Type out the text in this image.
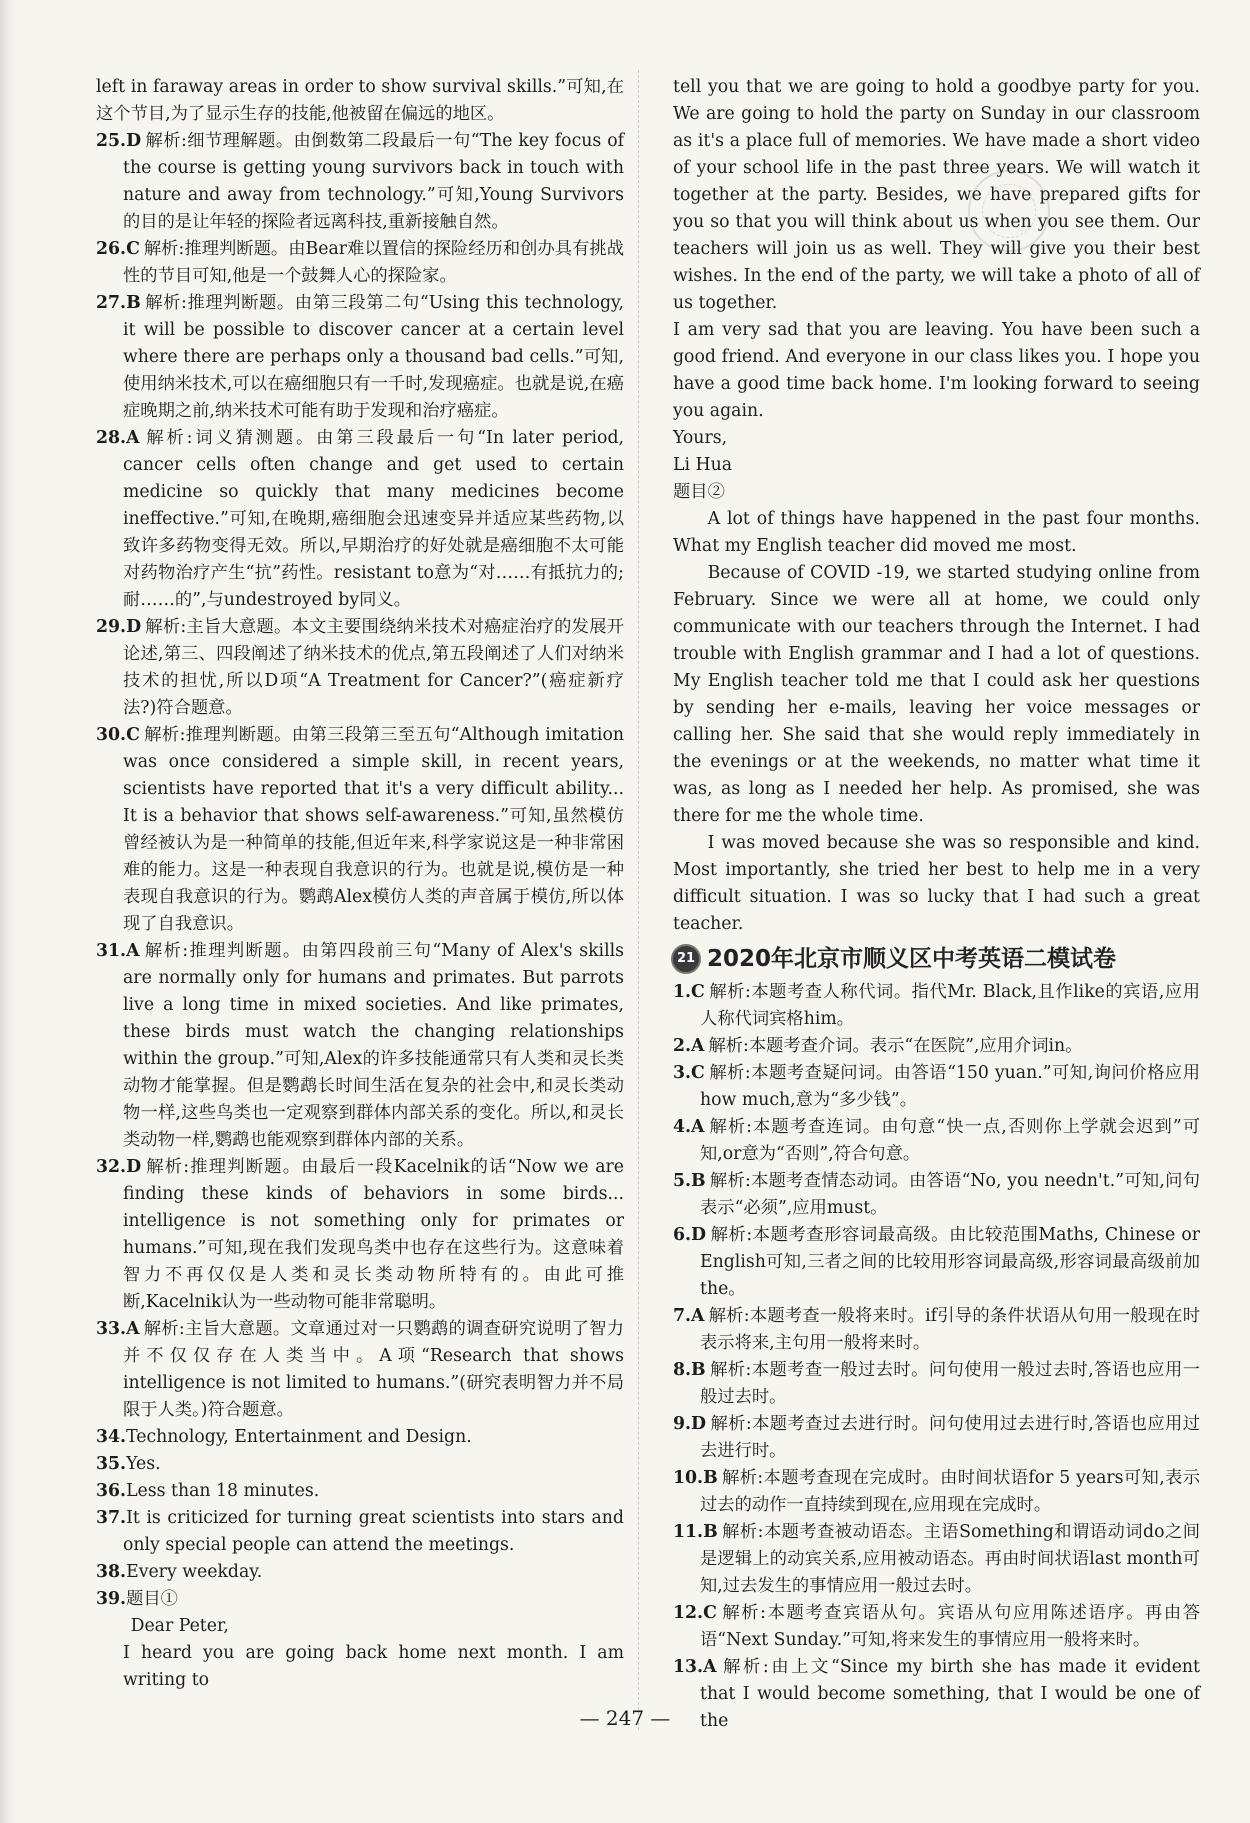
left in faraway areas in order to show survival skills.”可知,在这个节目,为了显示生存的技能,他被留在偏远的地区。
25.D 解析:细节理解题。由倒数第二段最后一句“The key focus of the course is getting young survivors back in touch with nature and away from technology.”可知,Young Survivors的目的是让年轻的探险者远离科技,重新接触自然。
26.C 解析:推理判断题。由Bear难以置信的探险经历和创办具有挑战性的节目可知,他是一个鼓舞人心的探险家。
27.B 解析:推理判断题。由第三段第二句“Using this technology, it will be possible to discover cancer at a certain level where there are perhaps only a thousand bad cells.”可知,使用纳米技术,可以在癌细胞只有一千时,发现癌症。也就是说,在癌症晚期之前,纳米技术可能有助于发现和治疗癌症。
28.A 解析:词义猜测题。由第三段最后一句“In later period, cancer cells often change and get used to certain medicine so quickly that many medicines become ineffective.”可知,在晚期,癌细胞会迅速变异并适应某些药物,以致许多药物变得无效。所以,早期治疗的好处就是癌细胞不太可能对药物治疗产生“抗”药性。resistant to意为“对……有抵抗力的;耐……的”,与undestroyed by同义。
29.D 解析:主旨大意题。本文主要围绕纳米技术对癌症治疗的发展开论述,第三、四段阐述了纳米技术的优点,第五段阐述了人们对纳米技术的担忧,所以D项“A Treatment for Cancer?”(癌症新疗法?)符合题意。
30.C 解析:推理判断题。由第三段第三至五句“Although imitation was once considered a simple skill, in recent years, scientists have reported that it's a very difficult ability... It is a behavior that shows self-awareness.”可知,虽然模仿曾经被认为是一种简单的技能,但近年来,科学家说这是一种非常困难的能力。这是一种表现自我意识的行为。也就是说,模仿是一种表现自我意识的行为。鹦鹉Alex模仿人类的声音属于模仿,所以体现了自我意识。
31.A 解析:推理判断题。由第四段前三句“Many of Alex's skills are normally only for humans and primates. But parrots live a long time in mixed societies. And like primates, these birds must watch the changing relationships within the group.”可知,Alex的许多技能通常只有人类和灵长类动物才能掌握。但是鹦鹉长时间生活在复杂的社会中,和灵长类动物一样,这些鸟类也一定观察到群体内部关系的变化。所以,和灵长类动物一样,鹦鹉也能观察到群体内部的关系。
32.D 解析:推理判断题。由最后一段Kacelnik的话“Now we are finding these kinds of behaviors in some birds... intelligence is not something only for primates or humans.”可知,现在我们发现鸟类中也存在这些行为。这意味着智力不再仅仅是人类和灵长类动物所特有的。由此可推断,Kacelnik认为一些动物可能非常聪明。
33.A 解析:主旨大意题。文章通过对一只鹦鹉的调查研究说明了智力并不仅仅存在人类当中。A项“Research that shows intelligence is not limited to humans.”(研究表明智力并不局限于人类。)符合题意。
34.Technology, Entertainment and Design.
35.Yes.
36.Less than 18 minutes.
37.It is criticized for turning great scientists into stars and only special people can attend the meetings.
38.Every weekday.
39.题目①
Dear Peter,
I heard you are going back home next month. I am writing to

tell you that we are going to hold a goodbye party for you. We are going to hold the party on Sunday in our classroom as it's a place full of memories. We have made a short video of your school life in the past three years. We will watch it together at the party. Besides, we have prepared gifts for you so that you will think about us when you see them. Our teachers will join us as well. They will give you their best wishes. In the end of the party, we will take a photo of all of us together.

I am very sad that you are leaving. You have been such a good friend. And everyone in our class likes you. I hope you have a good time back home. I'm looking forward to seeing you again.

Yours,

Li Hua

题目②

A lot of things have happened in the past four months. What my English teacher did moved me most.

Because of COVID -19, we started studying online from February. Since we were all at home, we could only communicate with our teachers through the Internet. I had trouble with English grammar and I had a lot of questions. My English teacher told me that I could ask her questions by sending her e-mails, leaving her voice messages or calling her. She said that she would reply immediately in the evenings or at the weekends, no matter what time it was, as long as I needed her help. As promised, she was there for me the whole time.

I was moved because she was so responsible and kind. Most importantly, she tried her best to help me in a very difficult situation. I was so lucky that I had such a great teacher.

21 2020年北京市顺义区中考英语二模试卷
1.C 解析:本题考查人称代词。指代Mr. Black,且作like的宾语,应用人称代词宾格him。
2.A 解析:本题考查介词。表示“在医院”,应用介词in。
3.C 解析:本题考查疑问词。由答语“150 yuan.”可知,询问价格应用how much,意为“多少钱”。
4.A 解析:本题考查连词。由句意“快一点,否则你上学就会迟到”可知,or意为“否则”,符合句意。
5.B 解析:本题考查情态动词。由答语“No, you needn't.”可知,问句表示“必须”,应用must。
6.D 解析:本题考查形容词最高级。由比较范围Maths, Chinese or English可知,三者之间的比较用形容词最高级,形容词最高级前加the。
7.A 解析:本题考查一般将来时。if引导的条件状语从句用一般现在时表示将来,主句用一般将来时。
8.B 解析:本题考查一般过去时。问句使用一般过去时,答语也应用一般过去时。
9.D 解析:本题考查过去进行时。问句使用过去进行时,答语也应用过去进行时。
10.B 解析:本题考查现在完成时。由时间状语for 5 years可知,表示过去的动作一直持续到现在,应用现在完成时。
11.B 解析:本题考查被动语态。主语Something和谓语动词do之间是逻辑上的动宾关系,应用被动语态。再由时间状语last month可知,过去发生的事情应用一般过去时。
12.C 解析:本题考查宾语从句。宾语从句应用陈述语序。再由答语“Next Sunday.”可知,将来发生的事情应用一般将来时。
13.A 解析:由上文“Since my birth she has made it evident that I would become something, that I would be one of the
— 247 —
